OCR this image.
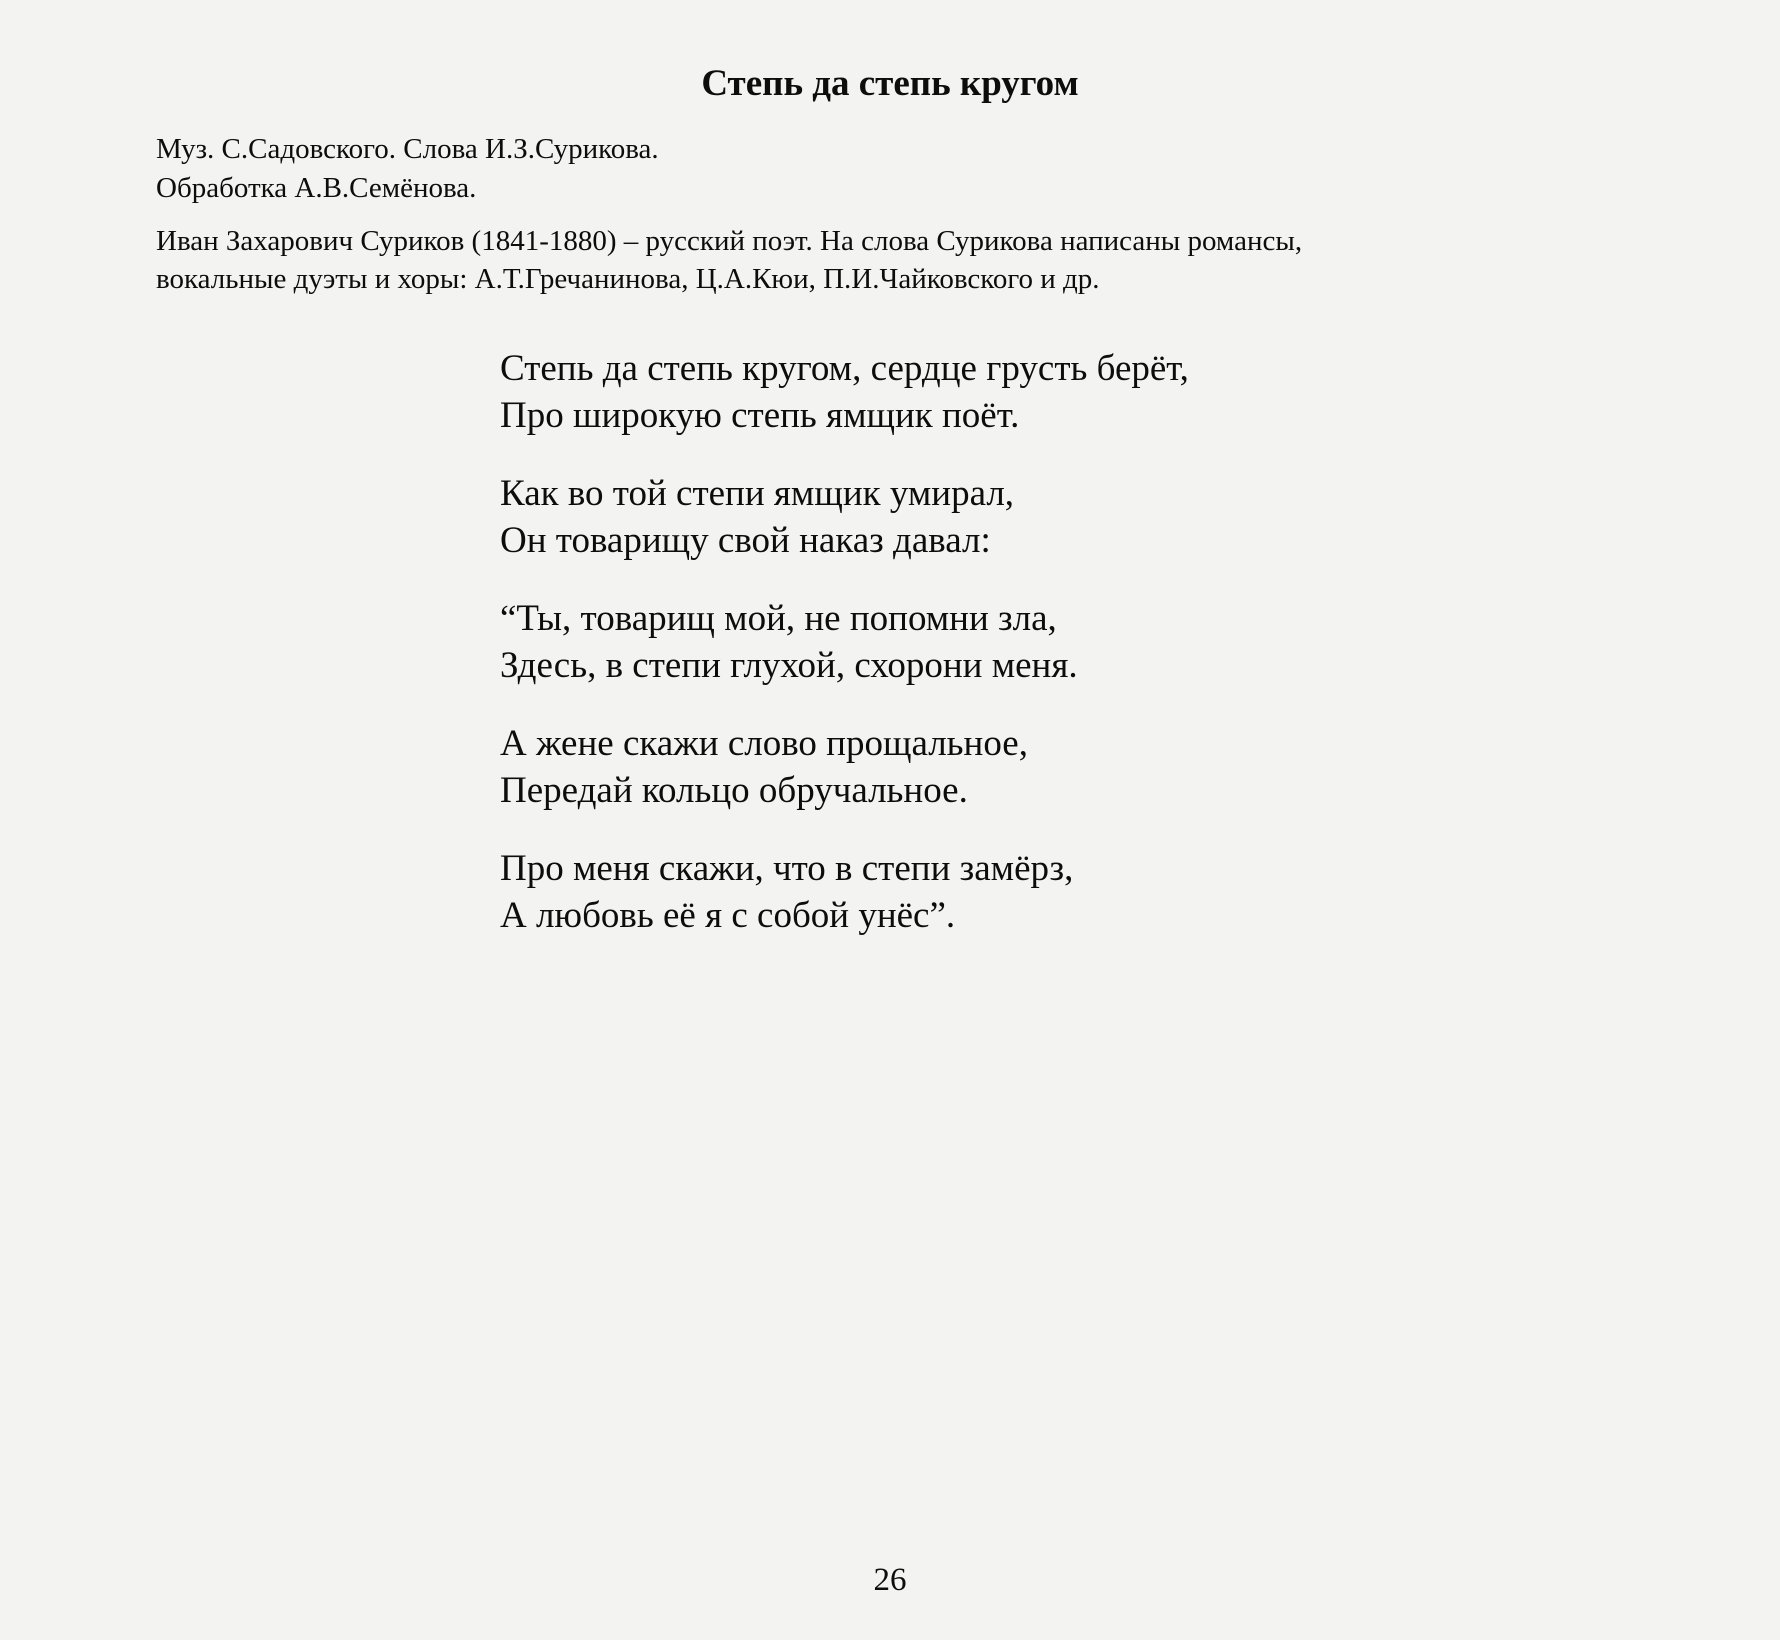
Степь да степь кругом
Муз. С.Садовского. Слова И.З.Сурикова.
Обработка А.В.Семёнова.
Иван Захарович Суриков (1841-1880) – русский поэт. На слова Сурикова написаны романсы,
вокальные дуэты и хоры: А.Т.Гречанинова, Ц.А.Кюи, П.И.Чайковского и др.
Степь да степь кругом, сердце грусть берёт,
Про широкую степь ямщик поёт.
Как во той степи ямщик умирал,
Он товарищу свой наказ давал:
“Ты, товарищ мой, не попомни зла,
Здесь, в степи глухой, схорони меня.
А жене скажи слово прощальное,
Передай кольцо обручальное.
Про меня скажи, что в степи замёрз,
А любовь её я с собой унёс”.
26
